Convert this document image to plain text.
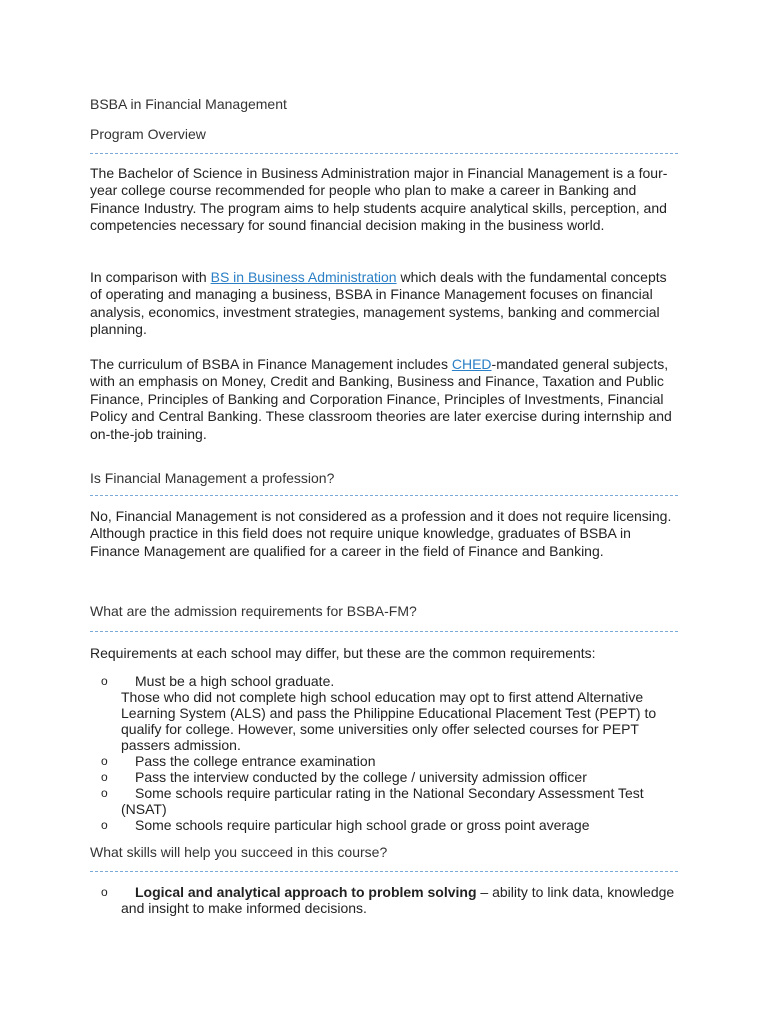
BSBA in Financial Management
Program Overview

The Bachelor of Science in Business Administration major in Financial Management is a four-year college course recommended for people who plan to make a career in Banking and Finance Industry. The program aims to help students acquire analytical skills, perception, and competencies necessary for sound financial decision making in the business world.

In comparison with BS in Business Administration which deals with the fundamental concepts of operating and managing a business, BSBA in Finance Management focuses on financial analysis, economics, investment strategies, management systems, banking and commercial planning.

The curriculum of BSBA in Finance Management includes CHED-mandated general subjects, with an emphasis on Money, Credit and Banking, Business and Finance, Taxation and Public Finance, Principles of Banking and Corporation Finance, Principles of Investments, Financial Policy and Central Banking. These classroom theories are later exercise during internship and on-the-job training.

Is Financial Management a profession?

No, Financial Management is not considered as a profession and it does not require licensing. Although practice in this field does not require unique knowledge, graduates of BSBA in Finance Management are qualified for a career in the field of Finance and Banking.

What are the admission requirements for BSBA-FM?

Requirements at each school may differ, but these are the common requirements:

o Must be a high school graduate.
Those who did not complete high school education may opt to first attend Alternative Learning System (ALS) and pass the Philippine Educational Placement Test (PEPT) to qualify for college. However, some universities only offer selected courses for PEPT passers admission.
o Pass the college entrance examination
o Pass the interview conducted by the college / university admission officer
o Some schools require particular rating in the National Secondary Assessment Test (NSAT)
o Some schools require particular high school grade or gross point average
What skills will help you succeed in this course?
o Logical and analytical approach to problem solving – ability to link data, knowledge and insight to make informed decisions.
